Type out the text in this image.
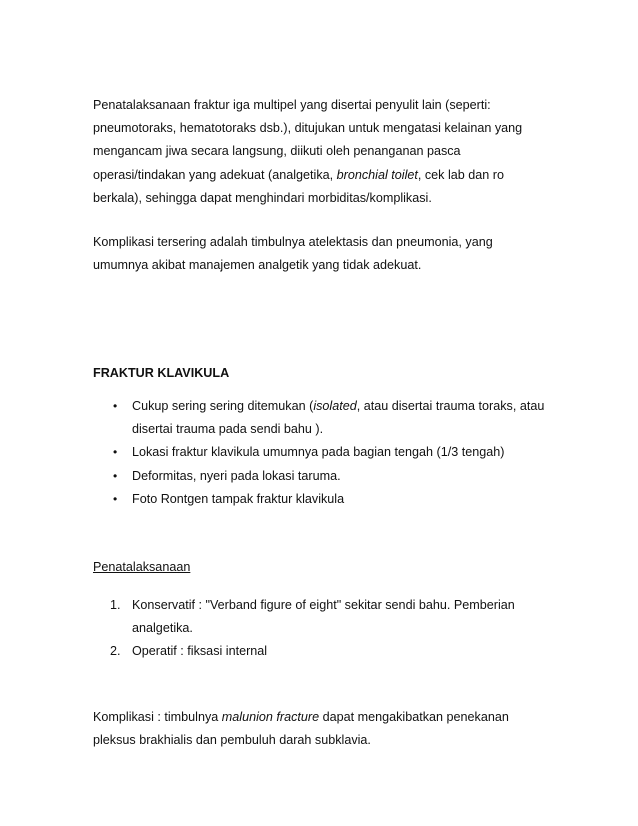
Penatalaksanaan fraktur iga multipel yang disertai penyulit lain (seperti:
pneumotoraks, hematotoraks dsb.), ditujukan untuk mengatasi kelainan yang
mengancam jiwa secara langsung, diikuti oleh penanganan pasca
operasi/tindakan yang adekuat (analgetika, bronchial toilet, cek lab dan ro
berkala), sehingga dapat menghindari morbiditas/komplikasi.

Komplikasi tersering adalah timbulnya atelektasis dan pneumonia, yang
umumnya akibat manajemen analgetik yang tidak adekuat.

FRAKTUR KLAVIKULA
• Cukup sering sering ditemukan (isolated, atau disertai trauma toraks, atau
disertai trauma pada sendi bahu ).
• Lokasi fraktur klavikula umumnya pada bagian tengah (1/3 tengah)
• Deformitas, nyeri pada lokasi taruma.
• Foto Rontgen tampak fraktur klavikula

Penatalaksanaan

1. Konservatif : "Verband figure of eight" sekitar sendi bahu. Pemberian
analgetika.
2. Operatif : fiksasi internal

Komplikasi : timbulnya malunion fracture dapat mengakibatkan penekanan
pleksus brakhialis dan pembuluh darah subklavia.
